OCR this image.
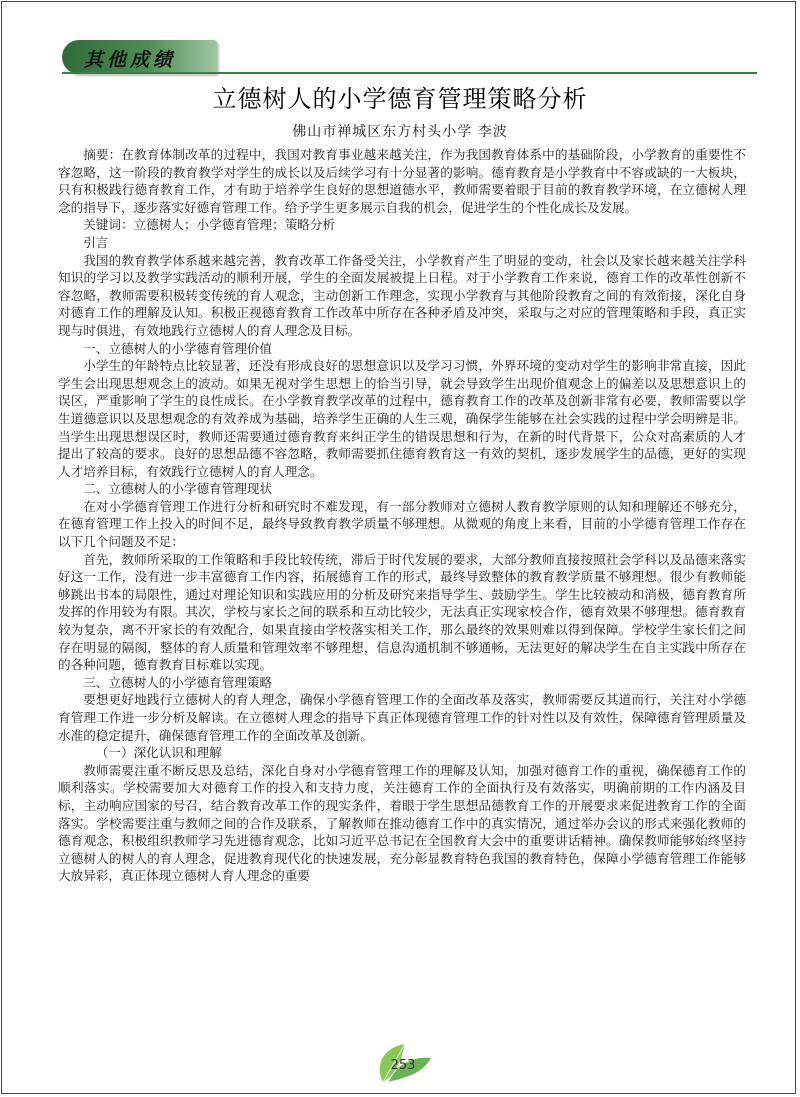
其他成绩
立德树人的小学德育管理策略分析
佛山市禅城区东方村头小学 李波

摘要：在教育体制改革的过程中，我国对教育事业越来越关注，作为我国教育体系中的基础阶段，小学教育的重要性不容忽略，这一阶段的教育教学对学生的成长以及后续学习有十分显著的影响。德育教育是小学教育中不容或缺的一大板块，只有积极践行德育教育工作，才有助于培养学生良好的思想道德水平，教师需要着眼于目前的教育教学环境，在立德树人理念的指导下，逐步落实好德育管理工作。给予学生更多展示自我的机会，促进学生的个性化成长及发展。

关键词：立德树人；小学德育管理；策略分析

引言

我国的教育教学体系越来越完善，教育改革工作备受关注，小学教育产生了明显的变动，社会以及家长越来越关注学科知识的学习以及教学实践活动的顺利开展，学生的全面发展被提上日程。对于小学教育工作来说，德育工作的改革性创新不容忽略，教师需要积极转变传统的育人观念，主动创新工作理念，实现小学教育与其他阶段教育之间的有效衔接，深化自身对德育工作的理解及认知。积极正视德育教育工作改革中所存在各种矛盾及冲突，采取与之对应的管理策略和手段，真正实现与时俱进，有效地践行立德树人的育人理念及目标。

一、立德树人的小学德育管理价值

小学生的年龄特点比较显著，还没有形成良好的思想意识以及学习习惯，外界环境的变动对学生的影响非常直接，因此学生会出现思想观念上的波动。如果无视对学生思想上的恰当引导，就会导致学生出现价值观念上的偏差以及思想意识上的误区，严重影响了学生的良性成长。在小学教育教学改革的过程中，德育教育工作的改革及创新非常有必要，教师需要以学生道德意识以及思想观念的有效养成为基础，培养学生正确的人生三观，确保学生能够在社会实践的过程中学会明辨是非。当学生出现思想误区时，教师还需要通过德育教育来纠正学生的错误思想和行为，在新的时代背景下，公众对高素质的人才提出了较高的要求。良好的思想品德不容忽略，教师需要抓住德育教育这一有效的契机，逐步发展学生的品德，更好的实现人才培养目标，有效践行立德树人的育人理念。

二、立德树人的小学德育管理现状

在对小学德育管理工作进行分析和研究时不难发现，有一部分教师对立德树人教育教学原则的认知和理解还不够充分，在德育管理工作上投入的时间不足，最终导致教育教学质量不够理想。从微观的角度上来看，目前的小学德育管理工作存在以下几个问题及不足：

首先，教师所采取的工作策略和手段比较传统，滞后于时代发展的要求，大部分教师直接按照社会学科以及品德来落实好这一工作，没有进一步丰富德育工作内容，拓展德育工作的形式，最终导致整体的教育教学质量不够理想。很少有教师能够跳出书本的局限性，通过对理论知识和实践应用的分析及研究来指导学生、鼓励学生。学生比较被动和消极，德育教育所发挥的作用较为有限。其次，学校与家长之间的联系和互动比较少，无法真正实现家校合作，德育效果不够理想。德育教育较为复杂，离不开家长的有效配合，如果直接由学校落实相关工作，那么最终的效果则难以得到保障。学校学生家长们之间存在明显的隔阂，整体的育人质量和管理效率不够理想，信息沟通机制不够通畅，无法更好的解决学生在自主实践中所存在的各种问题，德育教育目标难以实现。

三、立德树人的小学德育管理策略

要想更好地践行立德树人的育人理念，确保小学德育管理工作的全面改革及落实，教师需要反其道而行，关注对小学德育管理工作进一步分析及解读。在立德树人理念的指导下真正体现德育管理工作的针对性以及有效性，保障德育管理质量及水准的稳定提升，确保德育管理工作的全面改革及创新。

（一）深化认识和理解

教师需要注重不断反思及总结，深化自身对小学德育管理工作的理解及认知，加强对德育工作的重视，确保德育工作的顺利落实。学校需要加大对德育工作的投入和支持力度，关注德育工作的全面执行及有效落实，明确前期的工作内涵及目标，主动响应国家的号召，结合教育改革工作的现实条件，着眼于学生思想品德教育工作的开展要求来促进教育工作的全面落实。学校需要注重与教师之间的合作及联系，了解教师在推动德育工作中的真实情况，通过举办会议的形式来强化教师的德育观念，积极组织教师学习先进德育观念，比如习近平总书记在全国教育大会中的重要讲话精神。确保教师能够始终坚持立德树人的树人的育人理念，促进教育现代化的快速发展，充分彰显教育特色我国的教育特色，保障小学德育管理工作能够大放异彩，真正体现立德树人育人理念的重要

253
